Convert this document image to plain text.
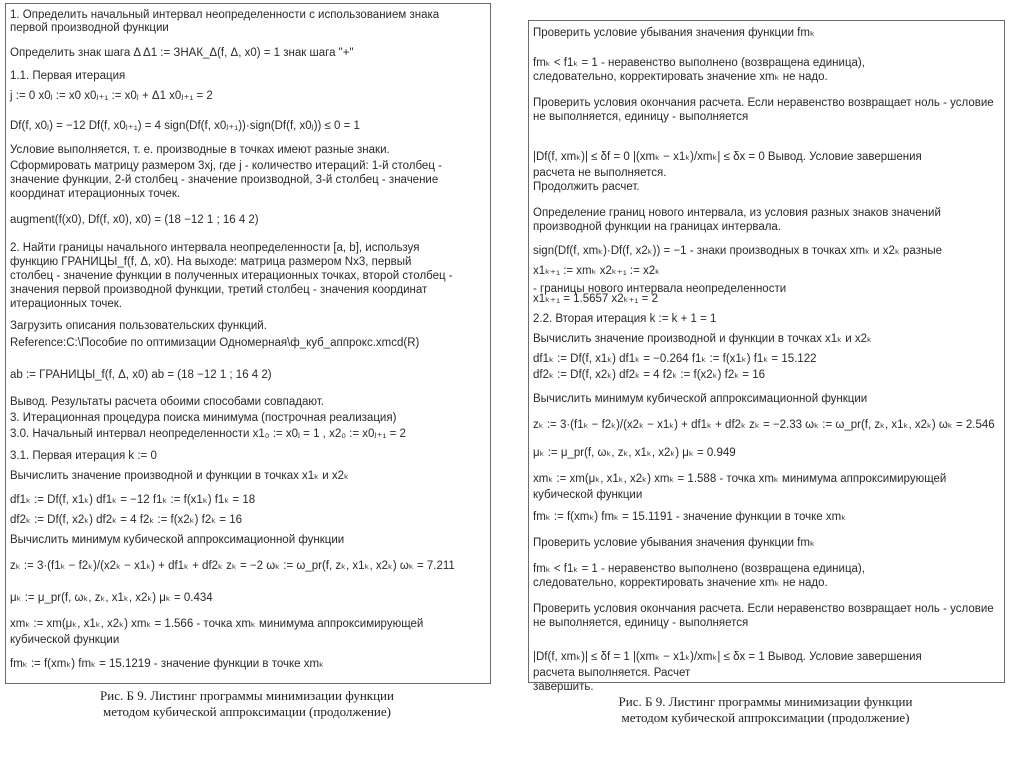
1. Определить начальный интервал неопределенности с использованием знака
первой производной функции
Определить знак шага Δ Δ1 := ЗНАК_Δ(f, Δ, x0) = 1 знак шага "+"
1.1. Первая итерация
j := 0 x0ⱼ := x0 x0ⱼ₊₁ := x0ⱼ + Δ1 x0ⱼ₊₁ = 2
Df(f, x0ⱼ) = −12 Df(f, x0ⱼ₊₁) = 4 sign(Df(f, x0ⱼ₊₁))·sign(Df(f, x0ⱼ)) ≤ 0 = 1
Условие выполняется, т. е. производные в точках имеют разные знаки.
Сформировать матрицу размером 3xj, где j - количество итераций: 1-й столбец -
значение функции, 2-й столбец - значение производной, 3-й столбец - значение
координат итерационных точек.
augment(f(x0), Df(f, x0), x0) = (18 −12 1 ; 16 4 2)
2. Найти границы начального интервала неопределенности [a, b], используя
функцию ГРАНИЦЫ_f(f, Δ, x0). На выходе: матрица размером Nx3, первый
столбец - значение функции в полученных итерационных точках, второй столбец -
значения первой производной функции, третий столбец - значения координат
итерационных точек.
Загрузить описания пользовательских функций.
Reference:C:\Пособие по оптимизации Одномерная\ф_куб_аппрокс.xmcd(R)
ab := ГРАНИЦЫ_f(f, Δ, x0) ab = (18 −12 1 ; 16 4 2)
Вывод. Результаты расчета обоими способами совпадают.
3. Итерационная процедура поиска минимума (построчная реализация)
3.0. Начальный интервал неопределенности x1₀ := x0ⱼ = 1 , x2₀ := x0ⱼ₊₁ = 2
3.1. Первая итерация k := 0
Вычислить значение производной и функции в точках x1ₖ и x2ₖ
df1ₖ := Df(f, x1ₖ) df1ₖ = −12 f1ₖ := f(x1ₖ) f1ₖ = 18
df2ₖ := Df(f, x2ₖ) df2ₖ = 4 f2ₖ := f(x2ₖ) f2ₖ = 16
Вычислить минимум кубической аппроксимационной функции
zₖ := 3·(f1ₖ − f2ₖ)/(x2ₖ − x1ₖ) + df1ₖ + df2ₖ zₖ = −2 ωₖ := ω_pr(f, zₖ, x1ₖ, x2ₖ) ωₖ = 7.211
μₖ := μ_pr(f, ωₖ, zₖ, x1ₖ, x2ₖ) μₖ = 0.434
xmₖ := xm(μₖ, x1ₖ, x2ₖ) xmₖ = 1.566 - точка xmₖ минимума аппроксимирующей
кубической функции
fmₖ := f(xmₖ) fmₖ = 15.1219 - значение функции в точке xmₖ
Рис. Б 9. Листинг программы минимизации функции
методом кубической аппроксимации (продолжение)
Проверить условие убывания значения функции fmₖ
fmₖ < f1ₖ = 1 - неравенство выполнено (возвращена единица),
следовательно, корректировать значение xmₖ не надо.
Проверить условия окончания расчета. Если неравенство возвращает ноль - условие
не выполняется, единицу - выполняется
|Df(f, xmₖ)| ≤ δf = 0 |(xmₖ − x1ₖ)/xmₖ| ≤ δx = 0 Вывод. Условие завершения
расчета не выполняется.
Продолжить расчет.
Определение границ нового интервала, из условия разных знаков значений
производной функции на границах интервала.
sign(Df(f, xmₖ)·Df(f, x2ₖ)) = −1 - знаки производных в точках xmₖ и x2ₖ разные
x1ₖ₊₁ := xmₖ x2ₖ₊₁ := x2ₖ
- границы нового интервала неопределенности
x1ₖ₊₁ = 1.5657 x2ₖ₊₁ = 2
2.2. Вторая итерация k := k + 1 = 1
Вычислить значение производной и функции в точках x1ₖ и x2ₖ
df1ₖ := Df(f, x1ₖ) df1ₖ = −0.264 f1ₖ := f(x1ₖ) f1ₖ = 15.122
df2ₖ := Df(f, x2ₖ) df2ₖ = 4 f2ₖ := f(x2ₖ) f2ₖ = 16
Вычислить минимум кубической аппроксимационной функции
zₖ := 3·(f1ₖ − f2ₖ)/(x2ₖ − x1ₖ) + df1ₖ + df2ₖ zₖ = −2.33 ωₖ := ω_pr(f, zₖ, x1ₖ, x2ₖ) ωₖ = 2.546
μₖ := μ_pr(f, ωₖ, zₖ, x1ₖ, x2ₖ) μₖ = 0.949
xmₖ := xm(μₖ, x1ₖ, x2ₖ) xmₖ = 1.588 - точка xmₖ минимума аппроксимирующей
кубической функции
fmₖ := f(xmₖ) fmₖ = 15.1191 - значение функции в точке xmₖ
Проверить условие убывания значения функции fmₖ
fmₖ < f1ₖ = 1 - неравенство выполнено (возвращена единица),
следовательно, корректировать значение xmₖ не надо.
Проверить условия окончания расчета. Если неравенство возвращает ноль - условие
не выполняется, единицу - выполняется
|Df(f, xmₖ)| ≤ δf = 1 |(xmₖ − x1ₖ)/xmₖ| ≤ δx = 1 Вывод. Условие завершения
расчета выполняется. Расчет
завершить.
Рис. Б 9. Листинг программы минимизации функции
методом кубической аппроксимации (продолжение)
